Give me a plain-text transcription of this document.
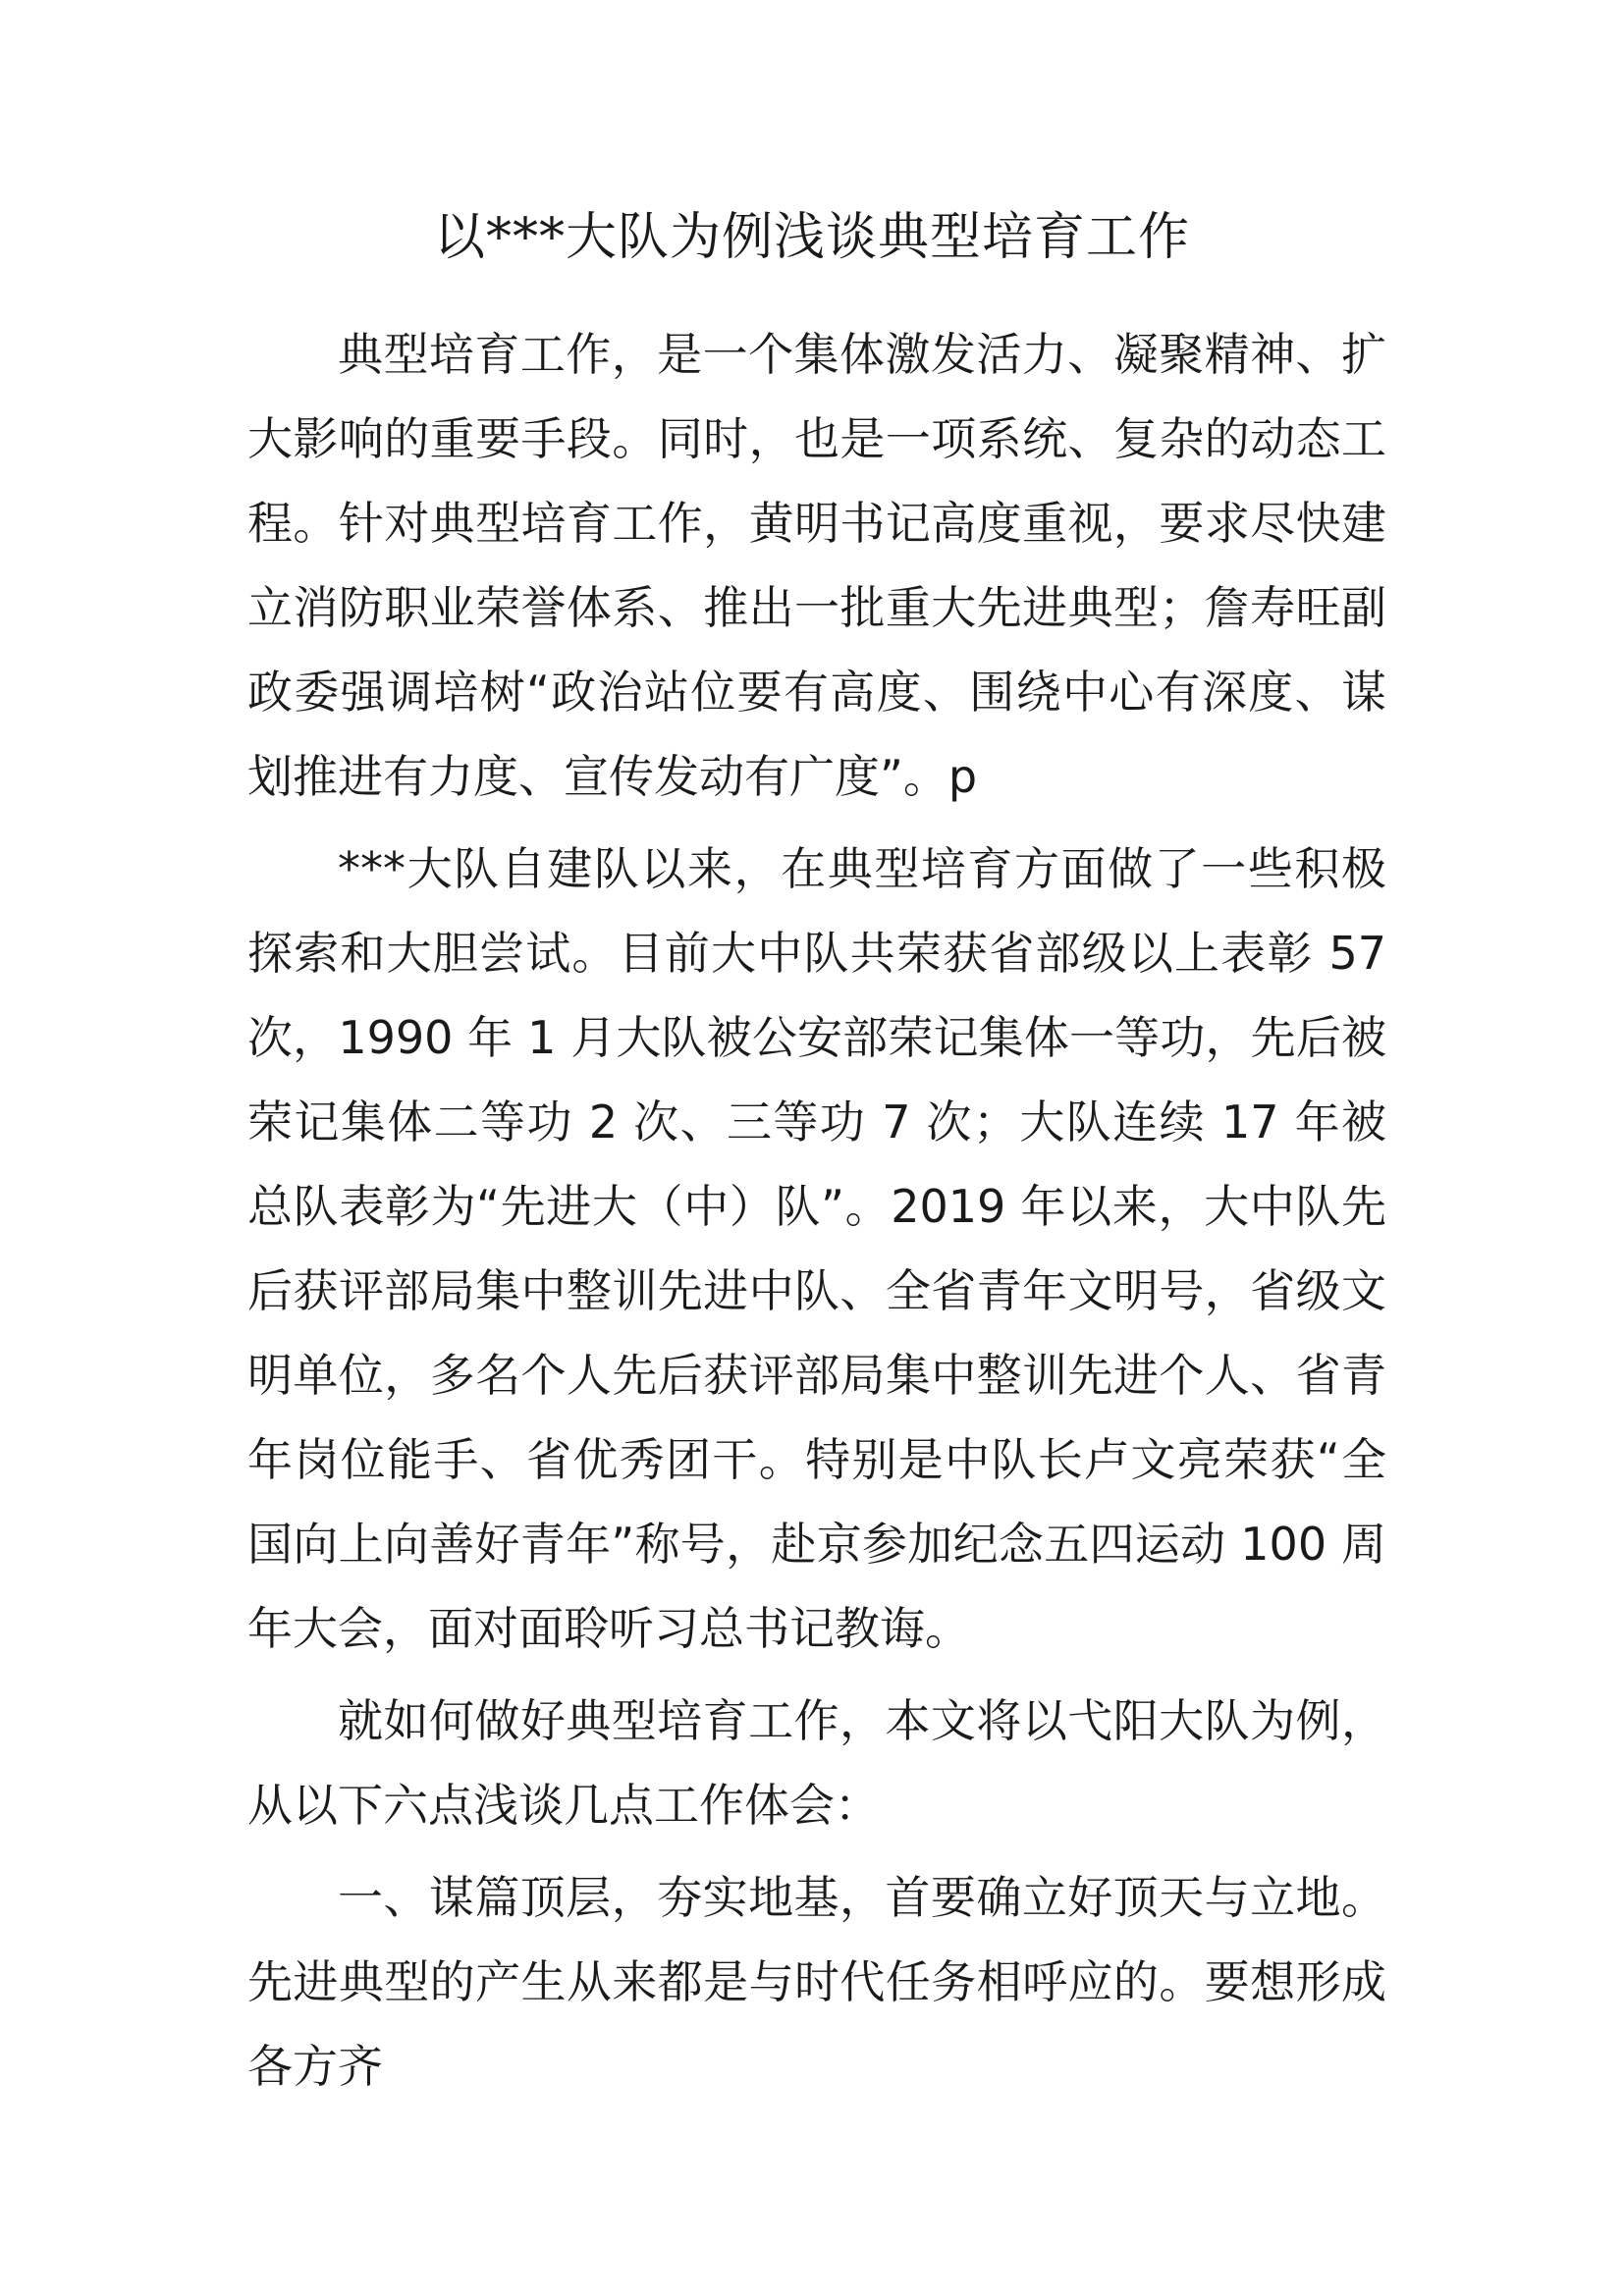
以***大队为例浅谈典型培育工作

典型培育工作，是一个集体激发活力、凝聚精神、扩大影响的重要手段。同时，也是一项系统、复杂的动态工程。针对典型培育工作，黄明书记高度重视，要求尽快建立消防职业荣誉体系、推出一批重大先进典型；詹寿旺副政委强调培树“政治站位要有高度、围绕中心有深度、谋划推进有力度、宣传发动有广度”。p

***大队自建队以来，在典型培育方面做了一些积极探索和大胆尝试。目前大中队共荣获省部级以上表彰 57 次，1990 年 1 月大队被公安部荣记集体一等功，先后被荣记集体二等功 2 次、三等功 7 次；大队连续 17 年被总队表彰为“先进大（中）队”。2019 年以来，大中队先后获评部局集中整训先进中队、全省青年文明号，省级文明单位，多名个人先后获评部局集中整训先进个人、省青年岗位能手、省优秀团干。特别是中队长卢文亮荣获“全国向上向善好青年”称号，赴京参加纪念五四运动 100 周年大会，面对面聆听习总书记教诲。

就如何做好典型培育工作，本文将以弋阳大队为例，从以下六点浅谈几点工作体会：

一、谋篇顶层，夯实地基，首要确立好顶天与立地。先进典型的产生从来都是与时代任务相呼应的。要想形成各方齐
